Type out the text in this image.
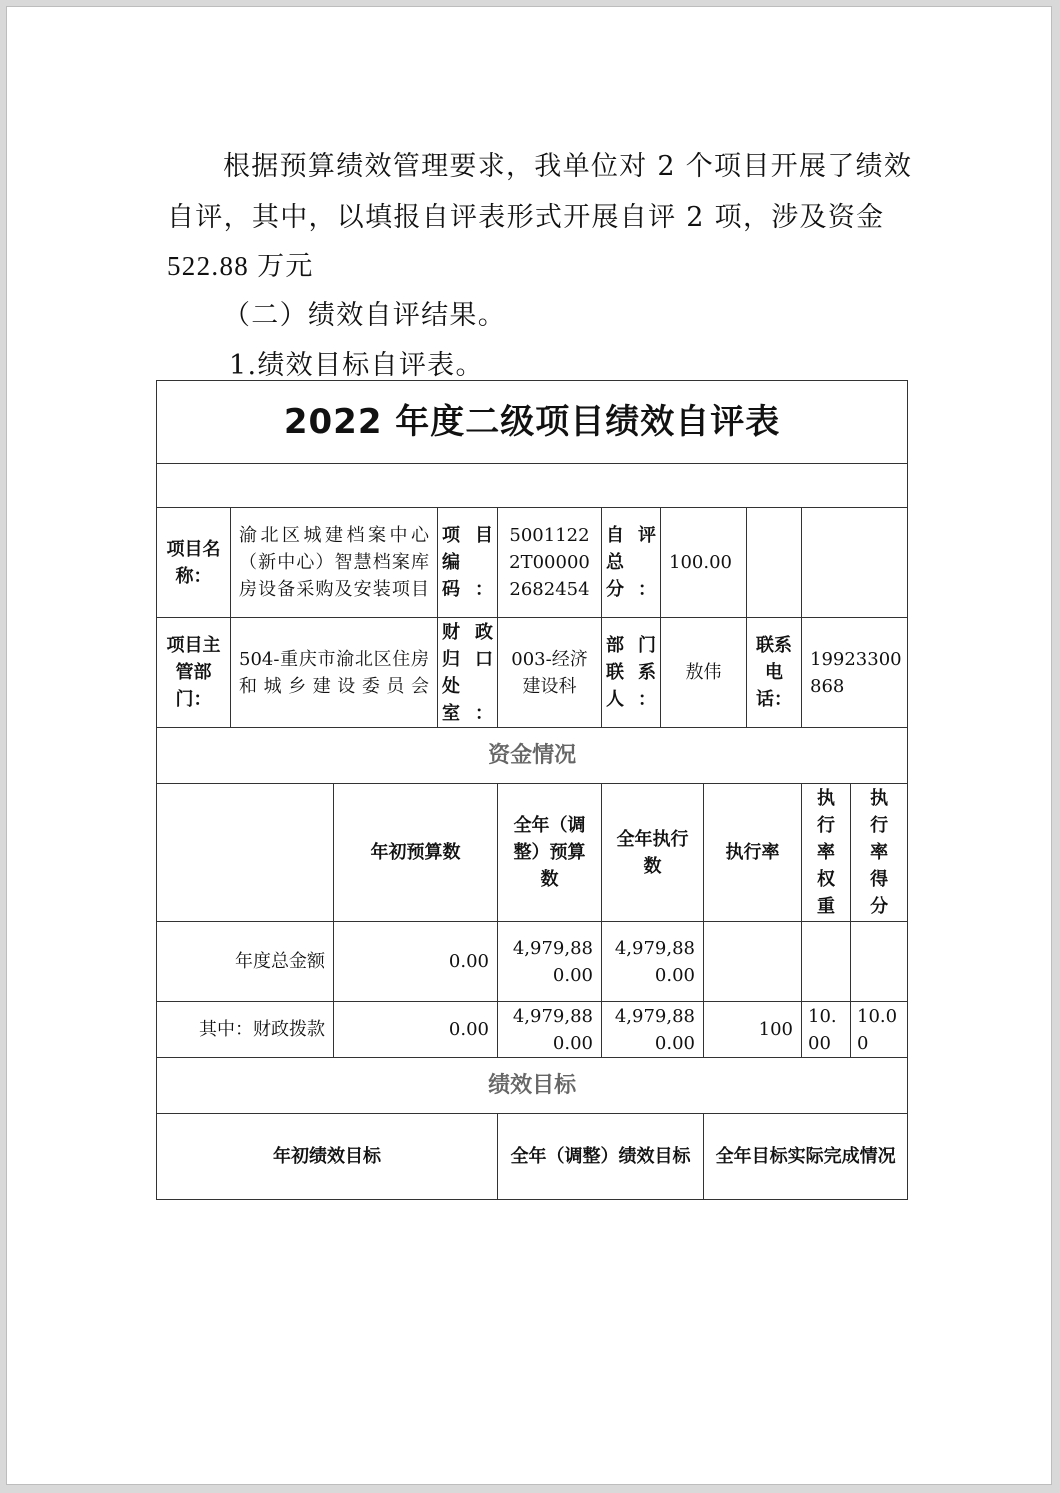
根据预算绩效管理要求，我单位对 2 个项目开展了绩效

自评，其中，以填报自评表形式开展自评 2 项，涉及资金

522.88 万元

（二）绩效自评结果。

1.绩效目标自评表。

2022 年度二级项目绩效自评表										

项目名称：	渝北区城建档案中心（新中心）智慧档案库房设备采购及安装项目		项目编码：	50011222T000002682454	自评总分：	100.00				
项目主管部门：	504-重庆市渝北区住房和城乡建设委员会		财政归口处室：	003-经济建设科	部门联系人：	敖伟		联系电话：	19923300868	
资金情况										
		年初预算数		全年（调整）预算数	全年执行数		执行率		执行率权重	执行率得分
年度总金额		0.00		4,979,880.00	4,979,880.00					
其中：财政拨款		0.00		4,979,880.00	4,979,880.00		100		10.00	10.00
绩效目标										
年初绩效目标				全年（调整）绩效目标			全年目标实际完成情况			
